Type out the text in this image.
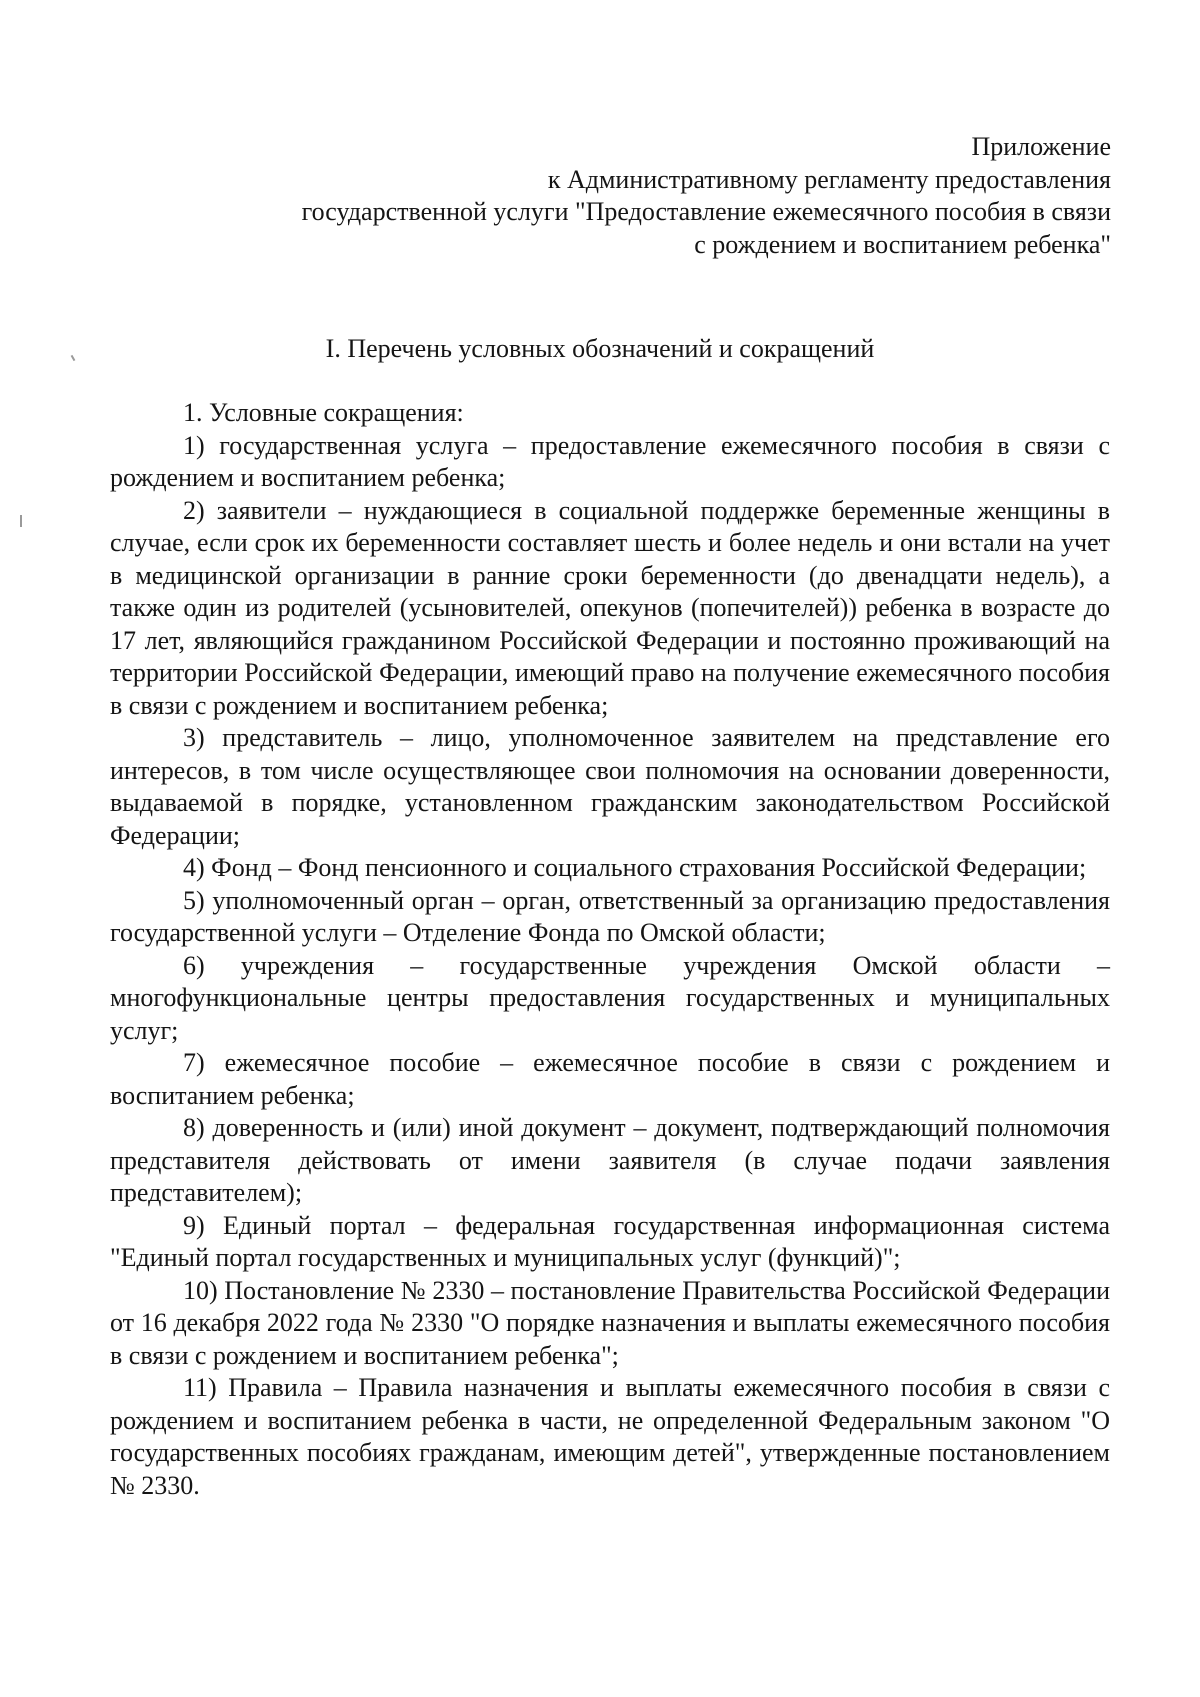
Приложение
к Административному регламенту предоставления
государственной услуги "Предоставление ежемесячного пособия в связи
с рождением и воспитанием ребенка"
I. Перечень условных обозначений и сокращений

1. Условные сокращения:

1) государственная услуга – предоставление ежемесячного пособия в связи с рождением и воспитанием ребенка;

2) заявители – нуждающиеся в социальной поддержке беременные женщины в случае, если срок их беременности составляет шесть и более недель и они встали на учет в медицинской организации в ранние сроки беременности (до двенадцати недель), а также один из родителей (усыновителей, опекунов (попечителей)) ребенка в возрасте до 17 лет, являющийся гражданином Российской Федерации и постоянно проживающий на территории Российской Федерации, имеющий право на получение ежемесячного пособия в связи с рождением и воспитанием ребенка;

3) представитель – лицо, уполномоченное заявителем на представление его интересов, в том числе осуществляющее свои полномочия на основании доверенности, выдаваемой в порядке, установленном гражданским законодательством Российской Федерации;

4) Фонд – Фонд пенсионного и социального страхования Российской Федерации;

5) уполномоченный орган – орган, ответственный за организацию предоставления государственной услуги – Отделение Фонда по Омской области;

6) учреждения – государственные учреждения Омской области – многофункциональные центры предоставления государственных и муниципальных услуг;

7) ежемесячное пособие – ежемесячное пособие в связи с рождением и воспитанием ребенка;

8) доверенность и (или) иной документ – документ, подтверждающий полномочия представителя действовать от имени заявителя (в случае подачи заявления представителем);

9) Единый портал – федеральная государственная информационная система "Единый портал государственных и муниципальных услуг (функций)";

10) Постановление № 2330 – постановление Правительства Российской Федерации от 16 декабря 2022 года № 2330 "О порядке назначения и выплаты ежемесячного пособия в связи с рождением и воспитанием ребенка";

11) Правила – Правила назначения и выплаты ежемесячного пособия в связи с рождением и воспитанием ребенка в части, не определенной Федеральным законом "О государственных пособиях гражданам, имеющим детей", утвержденные постановлением № 2330.
